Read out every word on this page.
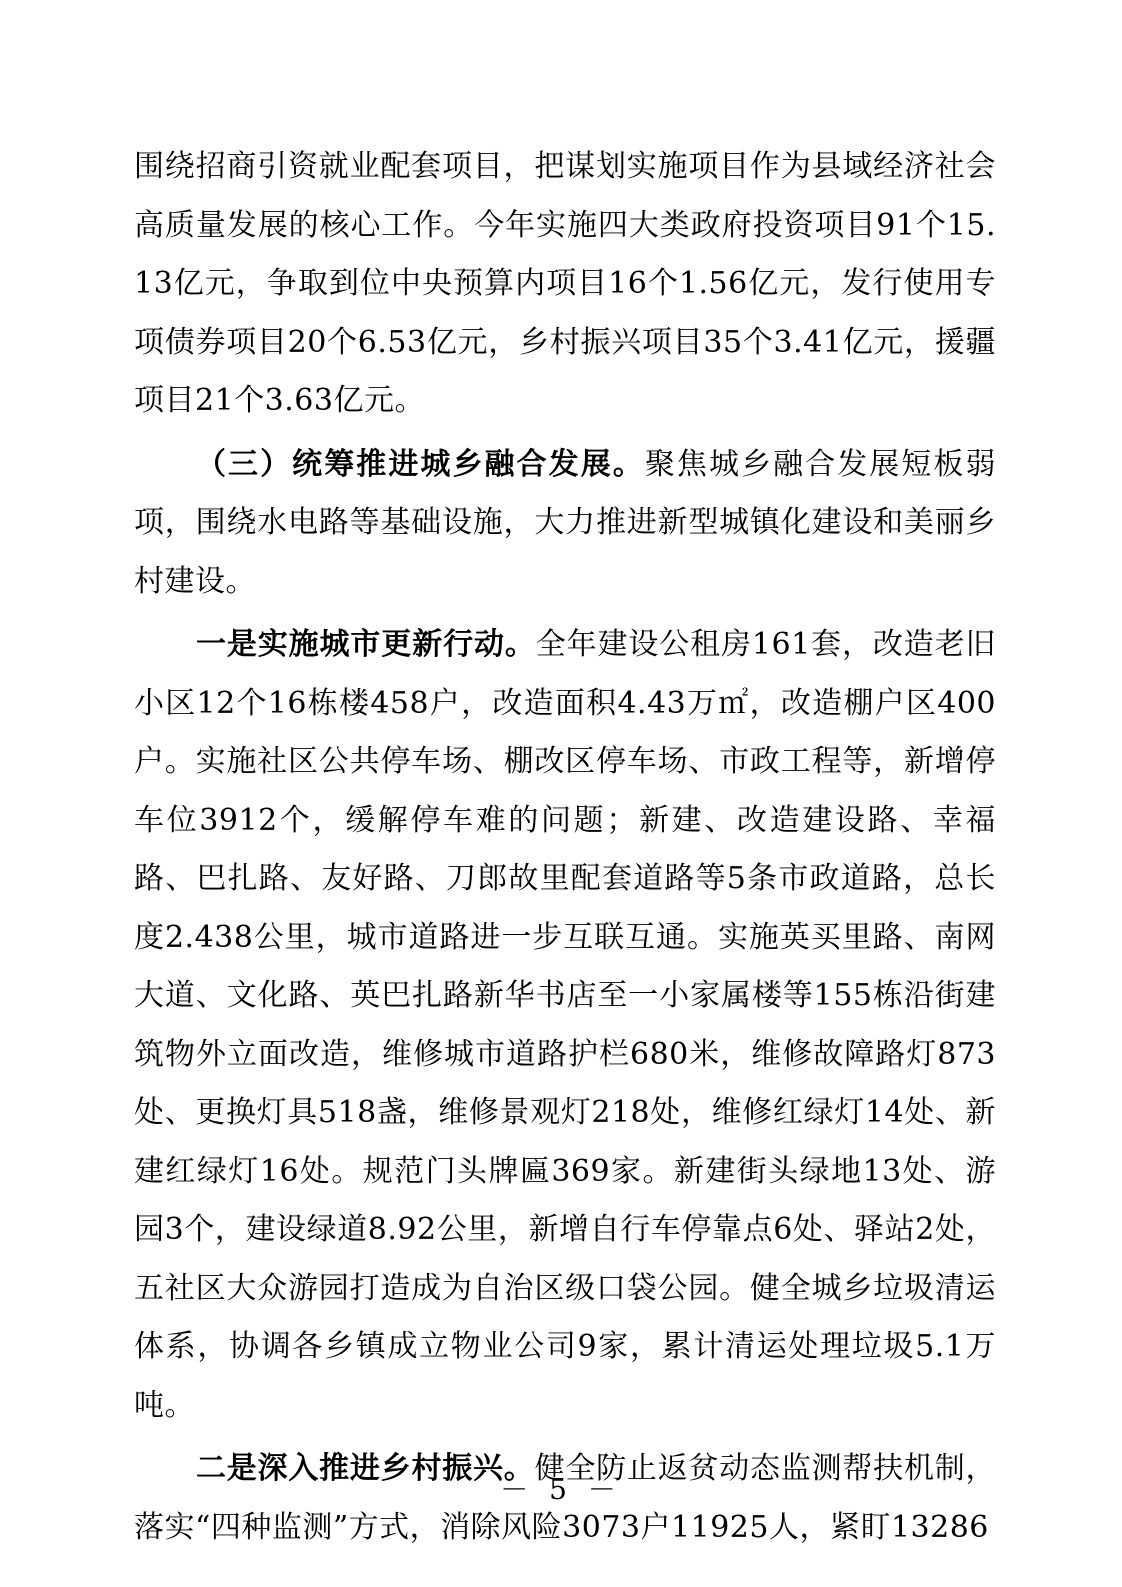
围绕招商引资就业配套项目，把谋划实施项目作为县域经济社会高质量发展的核心工作。今年实施四大类政府投资项目91个15.13亿元，争取到位中央预算内项目16个1.56亿元，发行使用专项债券项目20个6.53亿元，乡村振兴项目35个3.41亿元，援疆项目21个3.63亿元。

（三）统筹推进城乡融合发展。聚焦城乡融合发展短板弱项，围绕水电路等基础设施，大力推进新型城镇化建设和美丽乡村建设。

一是实施城市更新行动。全年建设公租房161套，改造老旧小区12个16栋楼458户，改造面积4.43万㎡，改造棚户区400户。实施社区公共停车场、棚改区停车场、市政工程等，新增停车位3912个，缓解停车难的问题；新建、改造建设路、幸福路、巴扎路、友好路、刀郎故里配套道路等5条市政道路，总长度2.438公里，城市道路进一步互联互通。实施英买里路、南网大道、文化路、英巴扎路新华书店至一小家属楼等155栋沿街建筑物外立面改造，维修城市道路护栏680米，维修故障路灯873处、更换灯具518盏，维修景观灯218处，维修红绿灯14处、新建红绿灯16处。规范门头牌匾369家。新建街头绿地13处、游园3个，建设绿道8.92公里，新增自行车停靠点6处、驿站2处，五社区大众游园打造成为自治区级口袋公园。健全城乡垃圾清运体系，协调各乡镇成立物业公司9家，累计清运处理垃圾5.1万吨。

二是深入推进乡村振兴。健全防止返贫动态监测帮扶机制，落实“四种监测”方式，消除风险3073户11925人，紧盯13286

－ 5 －
